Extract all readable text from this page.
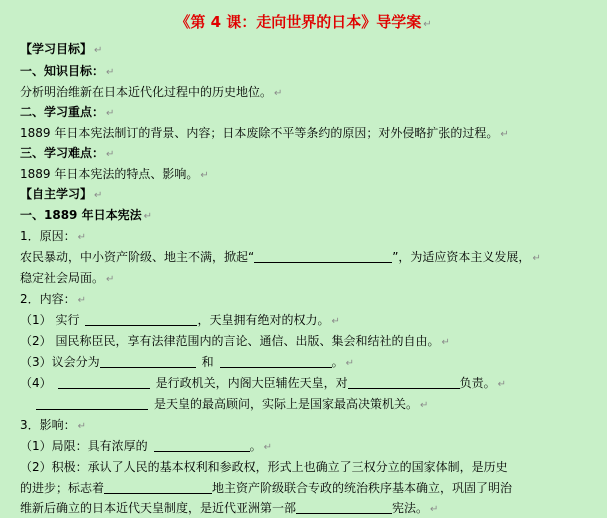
《第 4 课：走向世界的日本》导学案 ↵
【学习目标】 ↵
一、知识目标： ↵
分析明治维新在日本近代化过程中的历史地位。 ↵
二、学习重点： ↵
1889 年日本宪法制订的背景、内容；日本废除不平等条约的原因；对外侵略扩张的过程。 ↵
三、学习难点： ↵
1889 年日本宪法的特点、影响。 ↵
【自主学习】 ↵
一、1889 年日本宪法 ↵
1．原因： ↵
农民暴动，中小资产阶级、地主不满，掀起“	”，为适应资本主义发展， ↵
稳定社会局面。 ↵
2．内容： ↵
（1） 实行	，天皇拥有绝对的权力。 ↵
（2） 国民称臣民，享有法律范围内的言论、通信、出版、集会和结社的自由。 ↵
（3）议会分为	和	。 ↵
（4）	是行政机关，内阁大臣辅佐天皇，对	负责。 ↵
是天皇的最高顾问，实际上是国家最高决策机关。 ↵
3．影响： ↵
（1）局限：具有浓厚的	。 ↵
（2）积极：承认了人民的基本权利和参政权，形式上也确立了三权分立的国家体制，是历史
的进步；标志着	地主资产阶级联合专政的统治秩序基本确立，巩固了明治
维新后确立的日本近代天皇制度，是近代亚洲第一部	宪法。 ↵
